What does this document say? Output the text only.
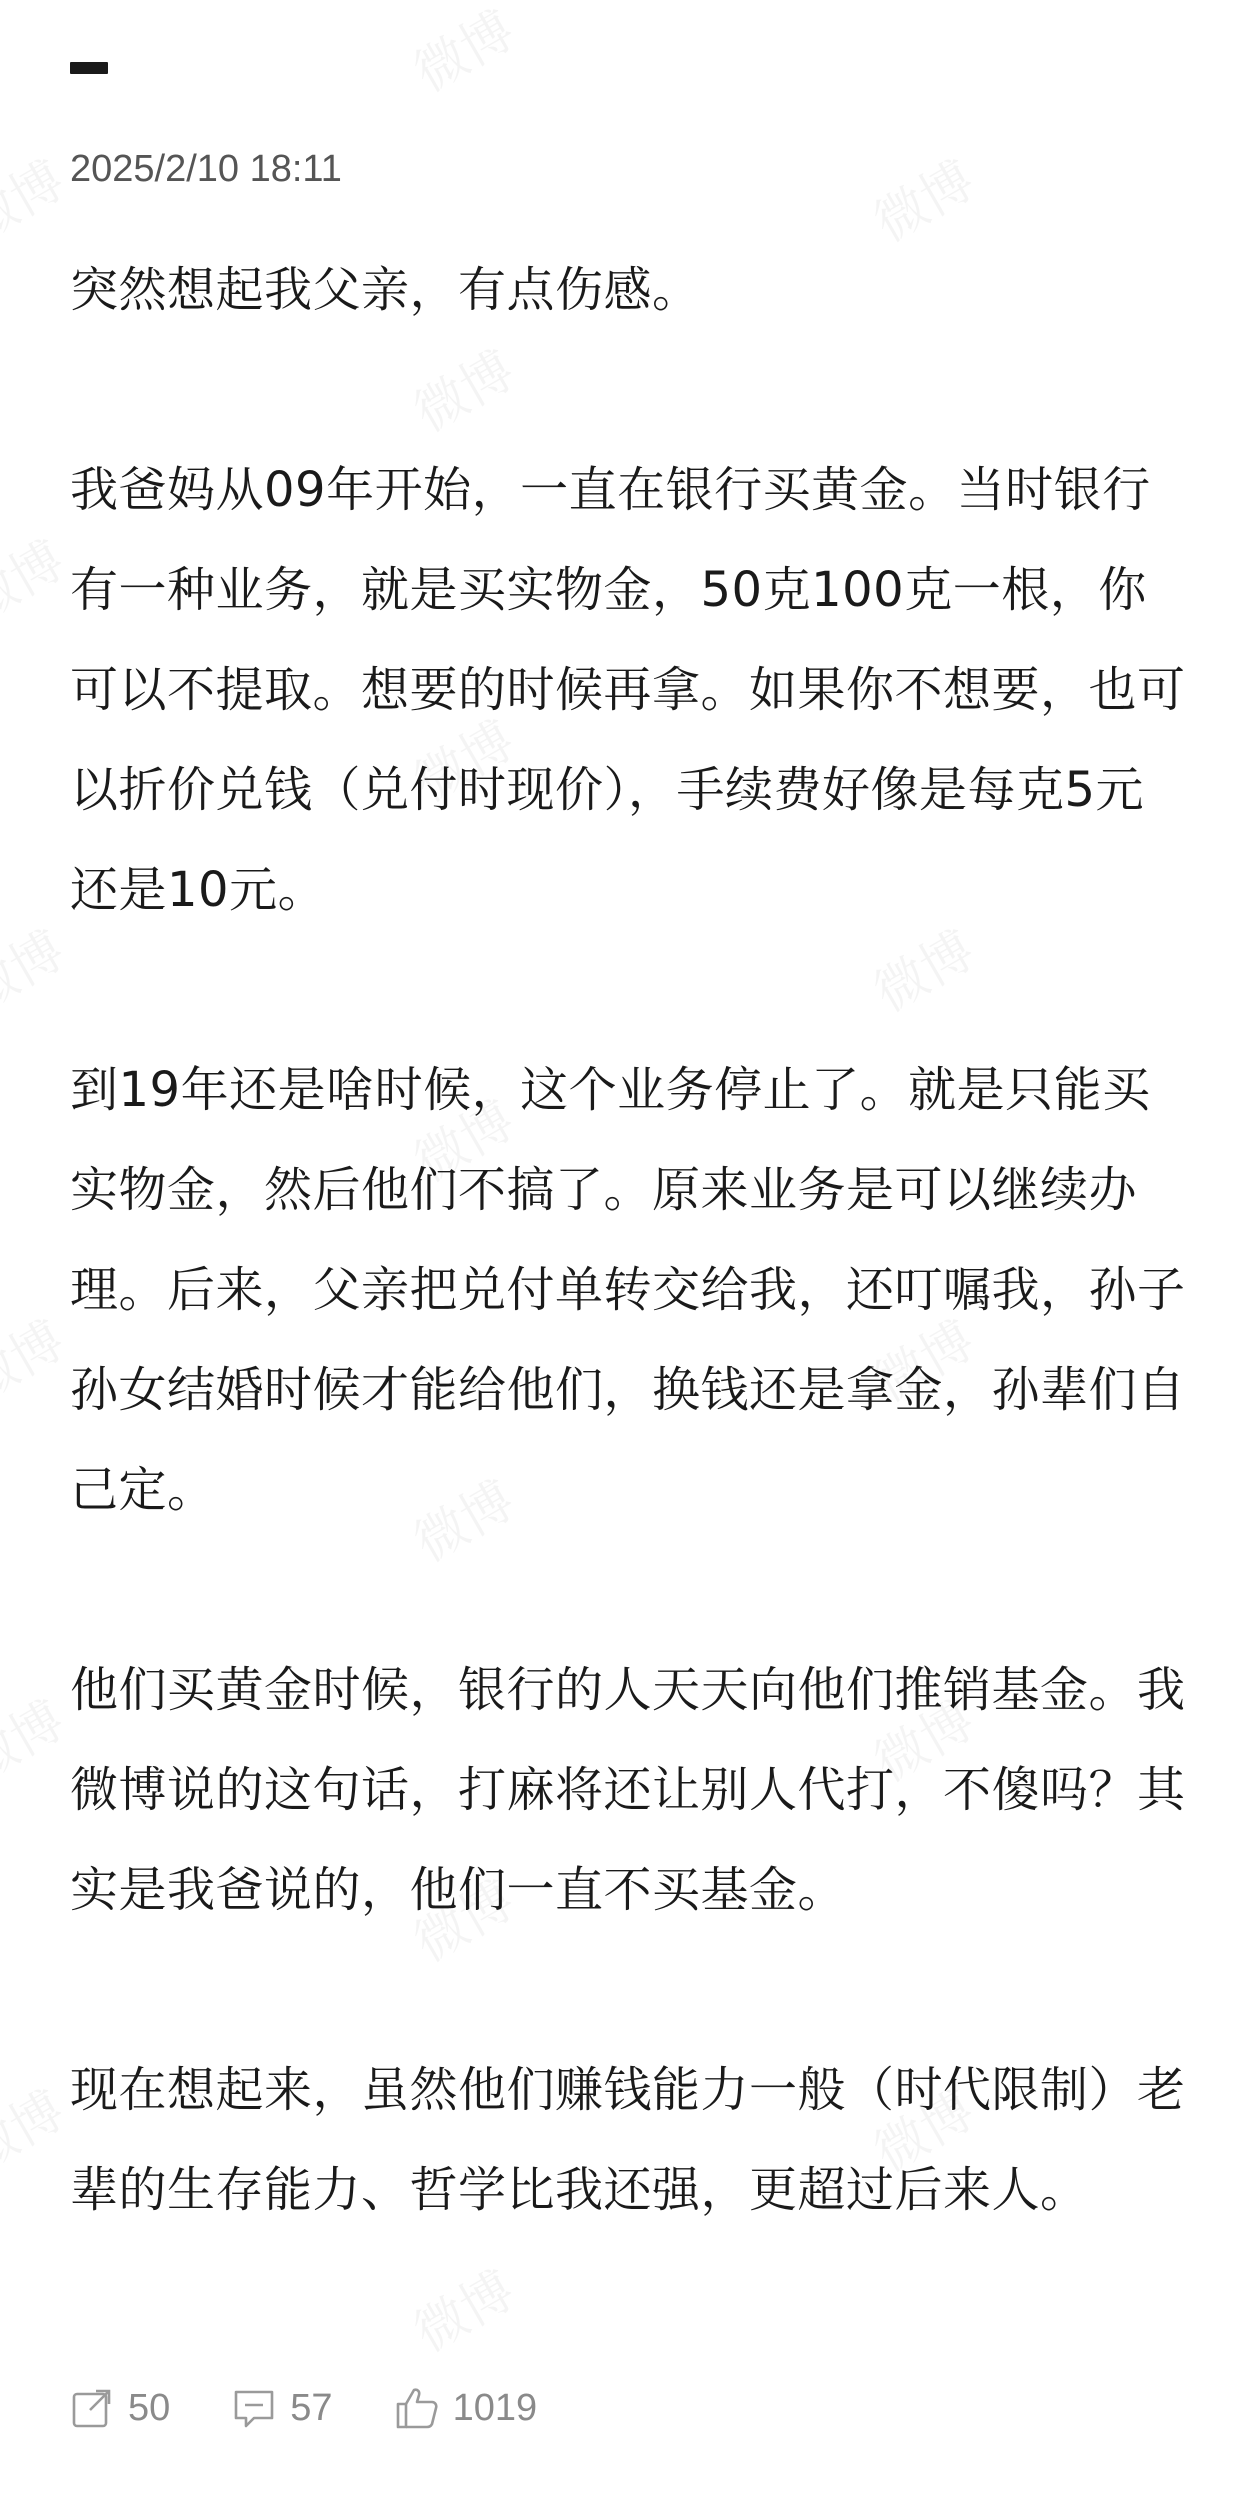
2025/2/10 18:11

突然想起我父亲，有点伤感。

我爸妈从09年开始，一直在银行买黄金。当时银行有一种业务，就是买实物金，50克100克一根，你可以不提取。想要的时候再拿。如果你不想要，也可以折价兑钱（兑付时现价），手续费好像是每克5元还是10元。

到19年还是啥时候，这个业务停止了。就是只能买实物金，然后他们不搞了。原来业务是可以继续办理。后来，父亲把兑付单转交给我，还叮嘱我，孙子孙女结婚时候才能给他们，换钱还是拿金，孙辈们自己定。

他们买黄金时候，银行的人天天向他们推销基金。我微博说的这句话，打麻将还让别人代打，不傻吗？其实是我爸说的，他们一直不买基金。

现在想起来，虽然他们赚钱能力一般（时代限制）老辈的生存能力、哲学比我还强，更超过后来人。

50	57	1019
